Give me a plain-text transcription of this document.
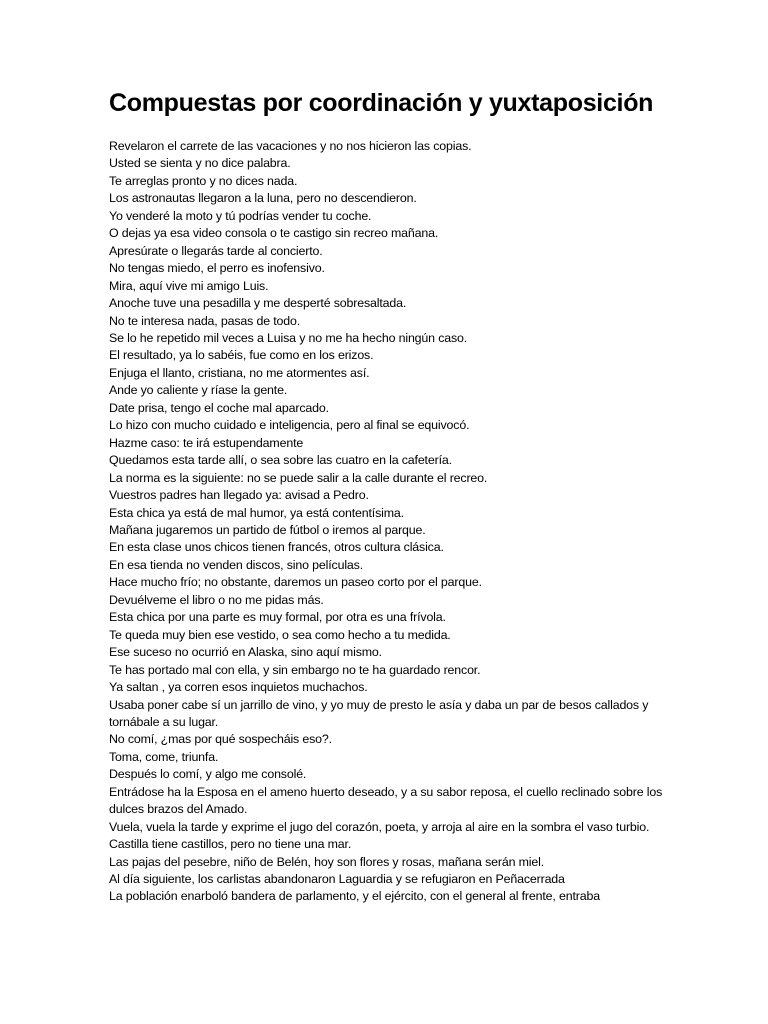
Compuestas por coordinación y yuxtaposición
Revelaron el carrete de las vacaciones y no nos hicieron las copias.
Usted se sienta y no dice palabra.
Te arreglas pronto y no dices nada.
Los astronautas llegaron a la luna, pero no descendieron.
Yo venderé la moto y tú podrías vender tu coche.
O dejas ya esa video consola o te castigo sin recreo mañana.
Apresúrate o llegarás tarde al concierto.
No tengas miedo, el perro es inofensivo.
Mira, aquí vive mi amigo Luis.
Anoche tuve una pesadilla y me desperté sobresaltada.
No te interesa nada, pasas de todo.
Se lo he repetido mil veces a Luisa y no me ha hecho ningún caso.
El resultado, ya lo sabéis, fue como en los erizos.
Enjuga el llanto, cristiana, no me atormentes así.
Ande yo caliente y ríase la gente.
Date prisa, tengo el coche mal aparcado.
Lo hizo con mucho cuidado e inteligencia, pero al final se equivocó.
Hazme caso: te irá estupendamente
Quedamos esta tarde allí, o sea sobre las cuatro en la cafetería.
La norma es la siguiente: no se puede salir a la calle durante el recreo.
Vuestros padres han llegado ya: avisad a Pedro.
Esta chica ya está de mal humor, ya está contentísima.
Mañana jugaremos un partido de fútbol o iremos al parque.
En esta clase unos chicos tienen francés, otros cultura clásica.
En esa tienda no venden discos, sino películas.
Hace mucho frío; no obstante, daremos un paseo corto por el parque.
Devuélveme el libro o no me pidas más.
Esta chica por una parte es muy formal, por otra es una frívola.
Te queda muy bien ese vestido, o sea como hecho a tu medida.
Ese suceso no ocurrió en Alaska, sino aquí mismo.
Te has portado mal con ella, y sin embargo no te ha guardado rencor.
Ya saltan , ya corren esos inquietos muchachos.
Usaba poner cabe sí un jarrillo de vino, y yo muy de presto le asía y daba un par de besos callados y tornábale a su lugar.
No comí, ¿mas por qué sospecháis eso?.
Toma, come, triunfa.
Después lo comí, y algo me consolé.
Entrádose ha la Esposa en el ameno huerto deseado, y a su sabor reposa, el cuello reclinado sobre los dulces brazos del Amado.
Vuela, vuela la tarde y exprime el jugo del corazón, poeta, y arroja al aire en la sombra el vaso turbio.
Castilla tiene castillos, pero no tiene una mar.
Las pajas del pesebre, niño de Belén, hoy son flores y rosas, mañana serán miel.
Al día siguiente, los carlistas abandonaron Laguardia y se refugiaron en Peñacerrada
La población enarboló bandera de parlamento, y el ejército, con el general al frente, entraba
